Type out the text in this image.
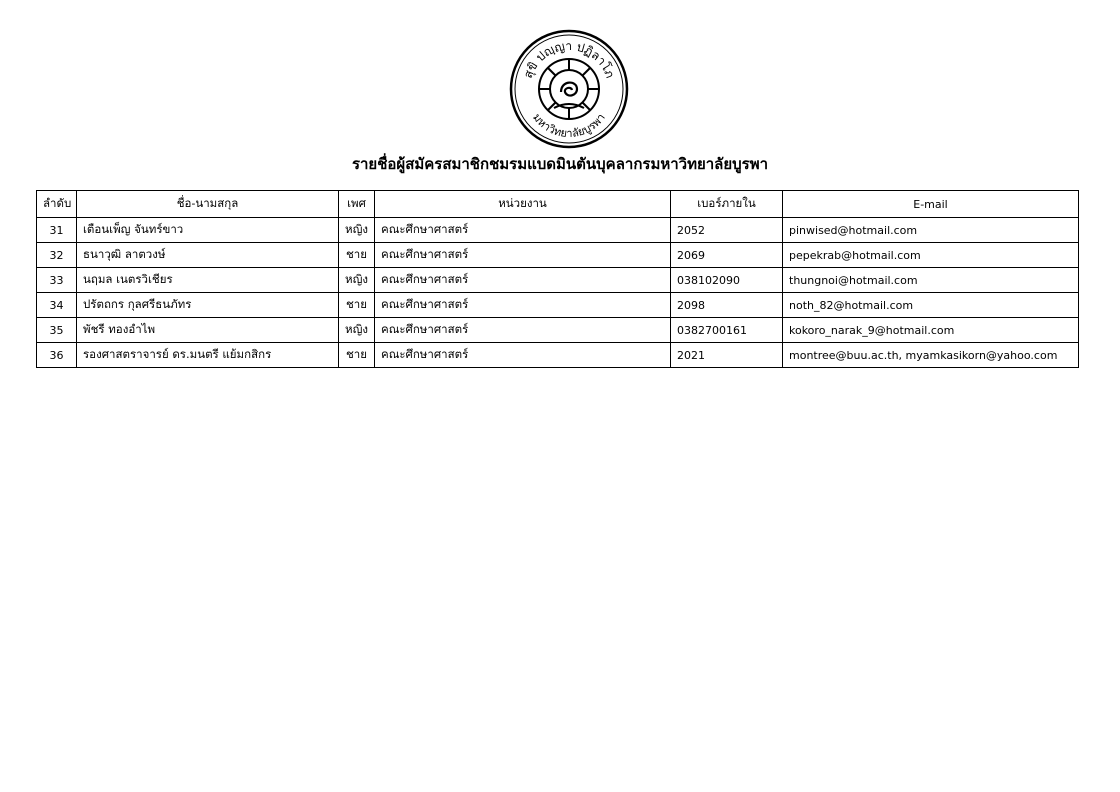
สุขิ ปญฺญา ปฏิลาโภ
มหาวิทยาลัยบูรพา
รายชื่อผู้สมัครสมาชิกชมรมแบดมินตันบุคลากรมหาวิทยาลัยบูรพา
ลำดับ	ชื่อ-นามสกุล	เพศ	หน่วยงาน	เบอร์ภายใน	E-mail
31	เตือนเพ็ญ จันทร์ขาว	หญิง	คณะศึกษาศาสตร์	2052	pinwised@hotmail.com
32	ธนาวุฒิ ลาตวงษ์	ชาย	คณะศึกษาศาสตร์	2069	pepekrab@hotmail.com
33	นฤมล เนตรวิเชียร	หญิง	คณะศึกษาศาสตร์	038102090	thungnoi@hotmail.com
34	ปรัตถกร กุลศรีธนภัทร	ชาย	คณะศึกษาศาสตร์	2098	noth_82@hotmail.com
35	พัชรี ทองอำไพ	หญิง	คณะศึกษาศาสตร์	0382700161	kokoro_narak_9@hotmail.com
36	รองศาสตราจารย์ ดร.มนตรี แย้มกสิกร	ชาย	คณะศึกษาศาสตร์	2021	montree@buu.ac.th, myamkasikorn@yahoo.com
